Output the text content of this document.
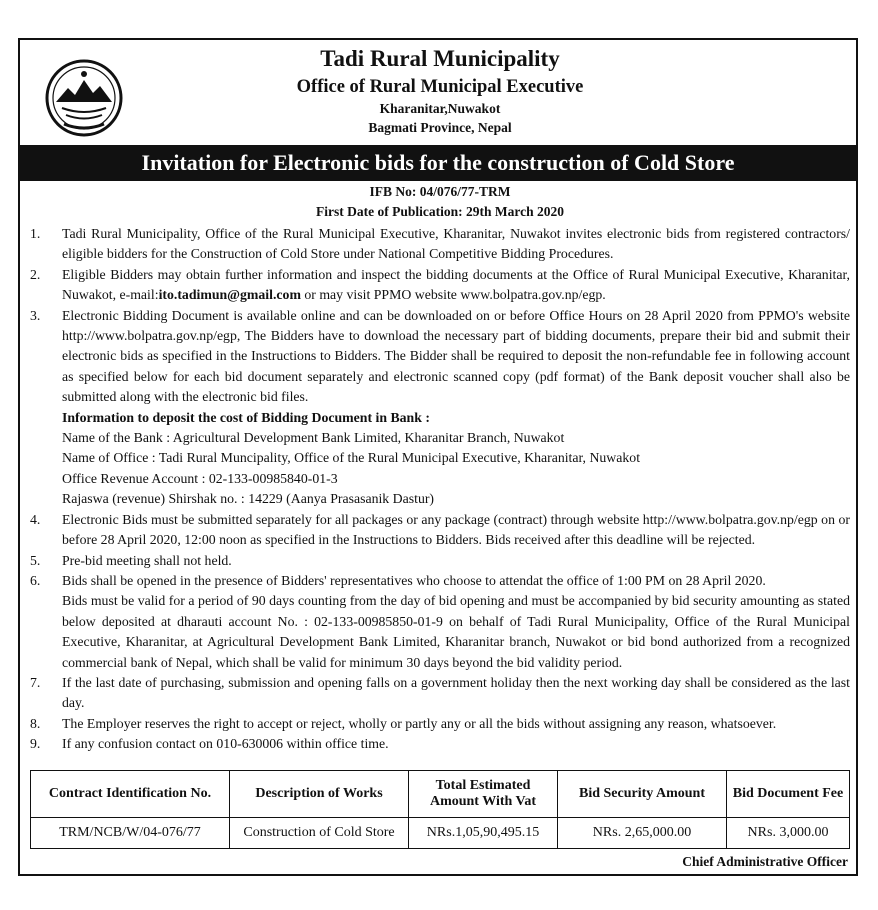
Tadi Rural Municipality
Office of Rural Municipal Executive
Kharanitar,Nuwakot
Bagmati Province, Nepal
Invitation for Electronic bids for the construction of Cold Store
IFB No: 04/076/77-TRM
First Date of Publication: 29th March 2020
1.	Tadi Rural Municipality, Office of the Rural Municipal Executive, Kharanitar, Nuwakot invites electronic bids from registered contractors/ eligible bidders for the Construction of Cold Store under National Competitive Bidding Procedures.
2.	Eligible Bidders may obtain further information and inspect the bidding documents at the Office of Rural Municipal Executive, Kharanitar, Nuwakot, e-mail:ito.tadimun@gmail.com or may visit PPMO website www.bolpatra.gov.np/egp.
3.	Electronic Bidding Document is available online and can be downloaded on or before Office Hours on 28 April 2020 from PPMO's website http://www.bolpatra.gov.np/egp, The Bidders have to download the necessary part of bidding documents, prepare their bid and submit their electronic bids as specified in the Instructions to Bidders. The Bidder shall be required to deposit the non-refundable fee in following account as specified below for each bid document separately and electronic scanned copy (pdf format) of the Bank deposit voucher shall also be submitted along with the electronic bid files.
Information to deposit the cost of Bidding Document in Bank :
Name of the Bank : Agricultural Development Bank Limited, Kharanitar Branch, Nuwakot
Name of Office : Tadi Rural Muncipality, Office of the Rural Municipal Executive, Kharanitar, Nuwakot
Office Revenue Account : 02-133-00985840-01-3
Rajaswa (revenue) Shirshak no. : 14229 (Aanya Prasasanik Dastur)
4.	Electronic Bids must be submitted separately for all packages or any package (contract) through website http://www.bolpatra.gov.np/egp on or before 28 April 2020, 12:00 noon as specified in the Instructions to Bidders. Bids received after this deadline will be rejected.
5.	Pre-bid meeting shall not held.
6.	Bids shall be opened in the presence of Bidders' representatives who choose to attendat the office of 1:00 PM on 28 April 2020.
Bids must be valid for a period of 90 days counting from the day of bid opening and must be accompanied by bid security amounting as stated below deposited at dharauti account No. : 02-133-00985850-01-9 on behalf of Tadi Rural Municipality, Office of the Rural Municipal Executive, Kharanitar, at Agricultural Development Bank Limited, Kharanitar branch, Nuwakot or bid bond authorized from a recognized commercial bank of Nepal, which shall be valid for minimum 30 days beyond the bid validity period.
7.	If the last date of purchasing, submission and opening falls on a government holiday then the next working day shall be considered as the last day.
8.	The Employer reserves the right to accept or reject, wholly or partly any or all the bids without assigning any reason, whatsoever.
9.	If any confusion contact on 010-630006 within office time.
Contract Identification No.	Description of Works	Total Estimated Amount With Vat	Bid Security Amount	Bid Document Fee
TRM/NCB/W/04-076/77	Construction of Cold Store	NRs.1,05,90,495.15	NRs. 2,65,000.00	NRs. 3,000.00
Chief Administrative Officer
